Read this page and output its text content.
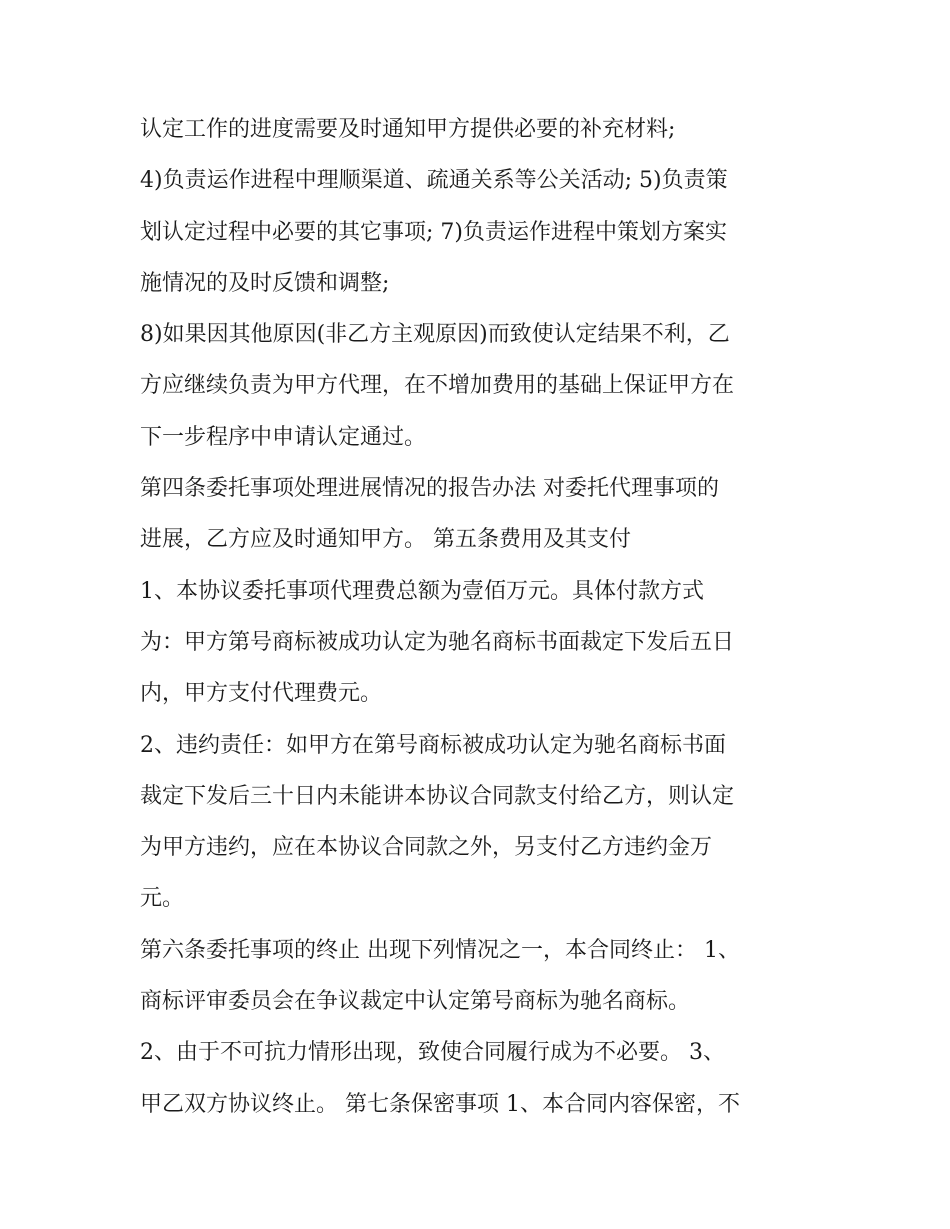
认定工作的进度需要及时通知甲方提供必要的补充材料;
4)负责运作进程中理顺渠道、疏通关系等公关活动; 5)负责策
划认定过程中必要的其它事项; 7)负责运作进程中策划方案实
施情况的及时反馈和调整;
8)如果因其他原因(非乙方主观原因)而致使认定结果不利，乙
方应继续负责为甲方代理，在不增加费用的基础上保证甲方在
下一步程序中申请认定通过。
第四条委托事项处理进展情况的报告办法 对委托代理事项的
进展，乙方应及时通知甲方。 第五条费用及其支付
1、本协议委托事项代理费总额为壹佰万元。具体付款方式
为：甲方第号商标被成功认定为驰名商标书面裁定下发后五日
内，甲方支付代理费元。
2、违约责任：如甲方在第号商标被成功认定为驰名商标书面
裁定下发后三十日内未能讲本协议合同款支付给乙方，则认定
为甲方违约，应在本协议合同款之外，另支付乙方违约金万
元。
第六条委托事项的终止 出现下列情况之一，本合同终止： 1、
商标评审委员会在争议裁定中认定第号商标为驰名商标。
2、由于不可抗力情形出现，致使合同履行成为不必要。 3、
甲乙双方协议终止。 第七条保密事项 1、本合同内容保密，不
